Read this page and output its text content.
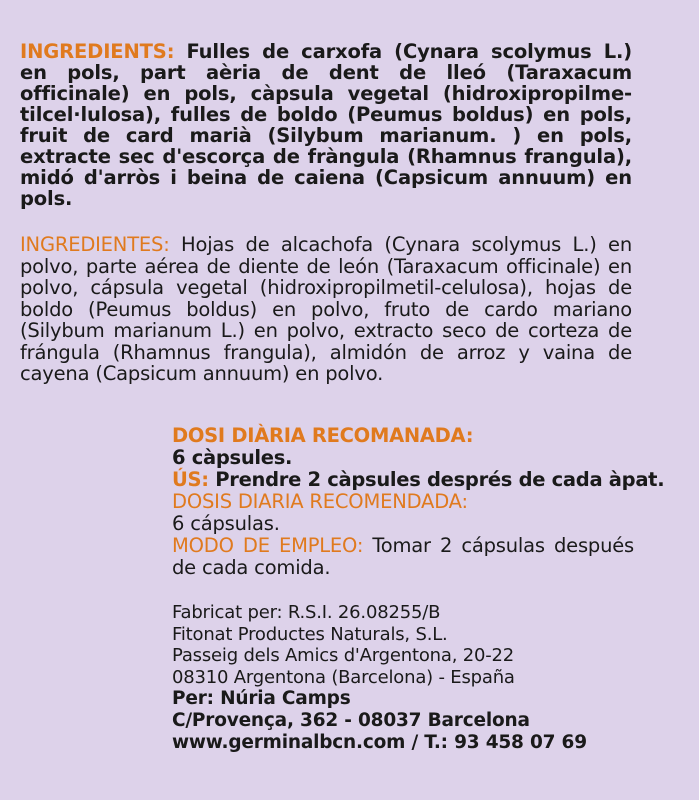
INGREDIENTS: Fulles de carxofa (Cynara scolymus L.) en pols, part aèria de dent de lleó (Taraxacum officinale) en pols, càpsula vegetal (hidroxipropilme-tilcel·lulosa), fulles de boldo (Peumus boldus) en pols, fruit de card marià (Silybum marianum. ) en pols, extracte sec d'escorça de fràngula (Rhamnus frangula), midó d'arròs i beina de caiena (Capsicum annuum) en pols.

INGREDIENTES: Hojas de alcachofa (Cynara scolymus L.) en polvo, parte aérea de diente de león (Taraxacum officinale) en polvo, cápsula vegetal (hidroxipropilmetil-celulosa), hojas de boldo (Peumus boldus) en polvo, fruto de cardo mariano (Silybum marianum L.) en polvo, extracto seco de corteza de frángula (Rhamnus frangula), almidón de arroz y vaina de cayena (Capsicum annuum) en polvo.

DOSI DIÀRIA RECOMANADA:
6 càpsules.
ÚS: Prendre 2 càpsules després de cada àpat.
DOSIS DIARIA RECOMENDADA:
6 cápsulas.
MODO DE EMPLEO: Tomar 2 cápsulas después de cada comida.
Fabricat per: R.S.I. 26.08255/B
Fitonat Productes Naturals, S.L.
Passeig dels Amics d'Argentona, 20-22
08310 Argentona (Barcelona) - España
Per: Núria Camps
C/Provença, 362 - 08037 Barcelona
www.germinalbcn.com / T.: 93 458 07 69
